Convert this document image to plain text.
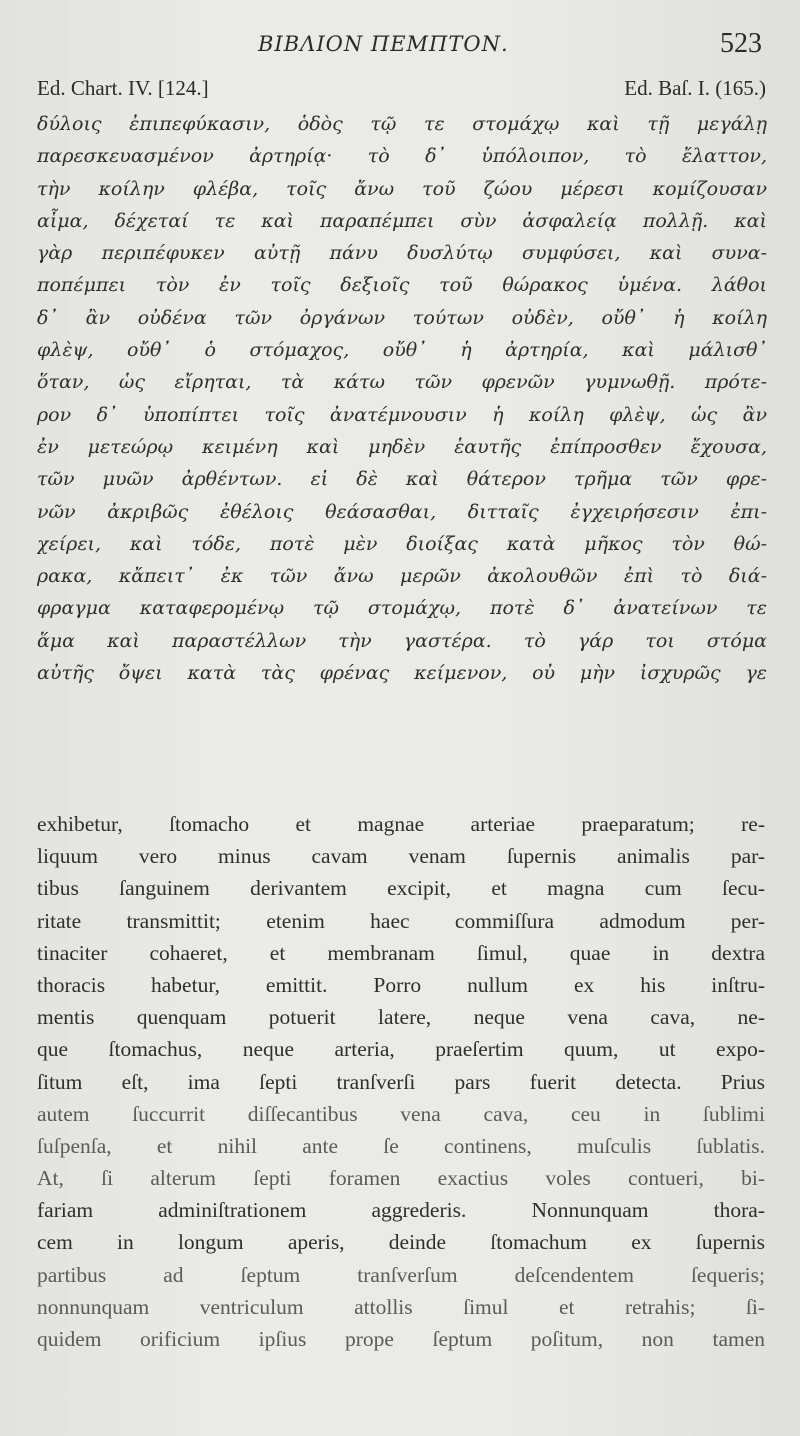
ΒΙΒΛΙΟΝ ΠΕΜΠΤΟΝ.	523
Ed. Chart. IV. [124.]	Ed. Baſ. I. (165.)
δύλοις ἐπιπεφύκασιν, ὁδὸς τῷ τε στομάχῳ καὶ τῇ μεγάλῃ
παρεσκευασμένον ἀρτηρίᾳ· τὸ δ᾽ ὑπόλοιπον, τὸ ἔλαττον,
τὴν κοίλην φλέβα, τοῖς ἄνω τοῦ ζώου μέρεσι κομίζουσαν
αἷμα, δέχεταί τε καὶ παραπέμπει σὺν ἀσφαλείᾳ πολλῇ. καὶ
γὰρ περιπέφυκεν αὐτῇ πάνυ δυσλύτῳ συμφύσει, καὶ συνα-
ποπέμπει τὸν ἐν τοῖς δεξιοῖς τοῦ θώρακος ὑμένα. λάθοι
δ᾽ ἂν οὐδένα τῶν ὀργάνων τούτων οὐδὲν, οὔθ᾽ ἡ κοίλη
φλὲψ, οὔθ᾽ ὁ στόμαχος, οὔθ᾽ ἡ ἀρτηρία, καὶ μάλισθ᾽
ὅταν, ὡς εἴρηται, τὰ κάτω τῶν φρενῶν γυμνωθῇ. πρότε-
ρον δ᾽ ὑποπίπτει τοῖς ἀνατέμνουσιν ἡ κοίλη φλὲψ, ὡς ἂν
ἐν μετεώρῳ κειμένη καὶ μηδὲν ἑαυτῆς ἐπίπροσθεν ἔχουσα,
τῶν μυῶν ἀρθέντων. εἰ δὲ καὶ θάτερον τρῆμα τῶν φρε-
νῶν ἀκριβῶς ἐθέλοις θεάσασθαι, διτταῖς ἐγχειρήσεσιν ἐπι-
χείρει, καὶ τόδε, ποτὲ μὲν διοίξας κατὰ μῆκος τὸν θώ-
ρακα, κἄπειτ᾽ ἐκ τῶν ἄνω μερῶν ἀκολουθῶν ἐπὶ τὸ διά-
φραγμα καταφερομένῳ τῷ στομάχῳ, ποτὲ δ᾽ ἀνατείνων τε
ἅμα καὶ παραστέλλων τὴν γαστέρα. τὸ γάρ τοι στόμα
αὐτῆς ὄψει κατὰ τὰς φρένας κείμενον, οὐ μὴν ἰσχυρῶς γε
exhibetur, ſtomacho et magnae arteriae praeparatum; re-
liquum vero minus cavam venam ſupernis animalis par-
tibus ſanguinem derivantem excipit, et magna cum ſecu-
ritate transmittit; etenim haec commiſſura admodum per-
tinaciter cohaeret, et membranam ſimul, quae in dextra
thoracis habetur, emittit. Porro nullum ex his inſtru-
mentis quenquam potuerit latere, neque vena cava, ne-
que ſtomachus, neque arteria, praeſertim quum, ut expo-
ſitum eſt, ima ſepti tranſverſi pars fuerit detecta. Prius
autem ſuccurrit diſſecantibus vena cava, ceu in ſublimi
ſuſpenſa, et nihil ante ſe continens, muſculis ſublatis.
At, ſi alterum ſepti foramen exactius voles contueri, bi-
fariam adminiſtrationem aggrederis. Nonnunquam thora-
cem in longum aperis, deinde ſtomachum ex ſupernis
partibus ad ſeptum tranſverſum deſcendentem ſequeris;
nonnunquam ventriculum attollis ſimul et retrahis; ſi-
quidem orificium ipſius prope ſeptum poſitum, non tamen
